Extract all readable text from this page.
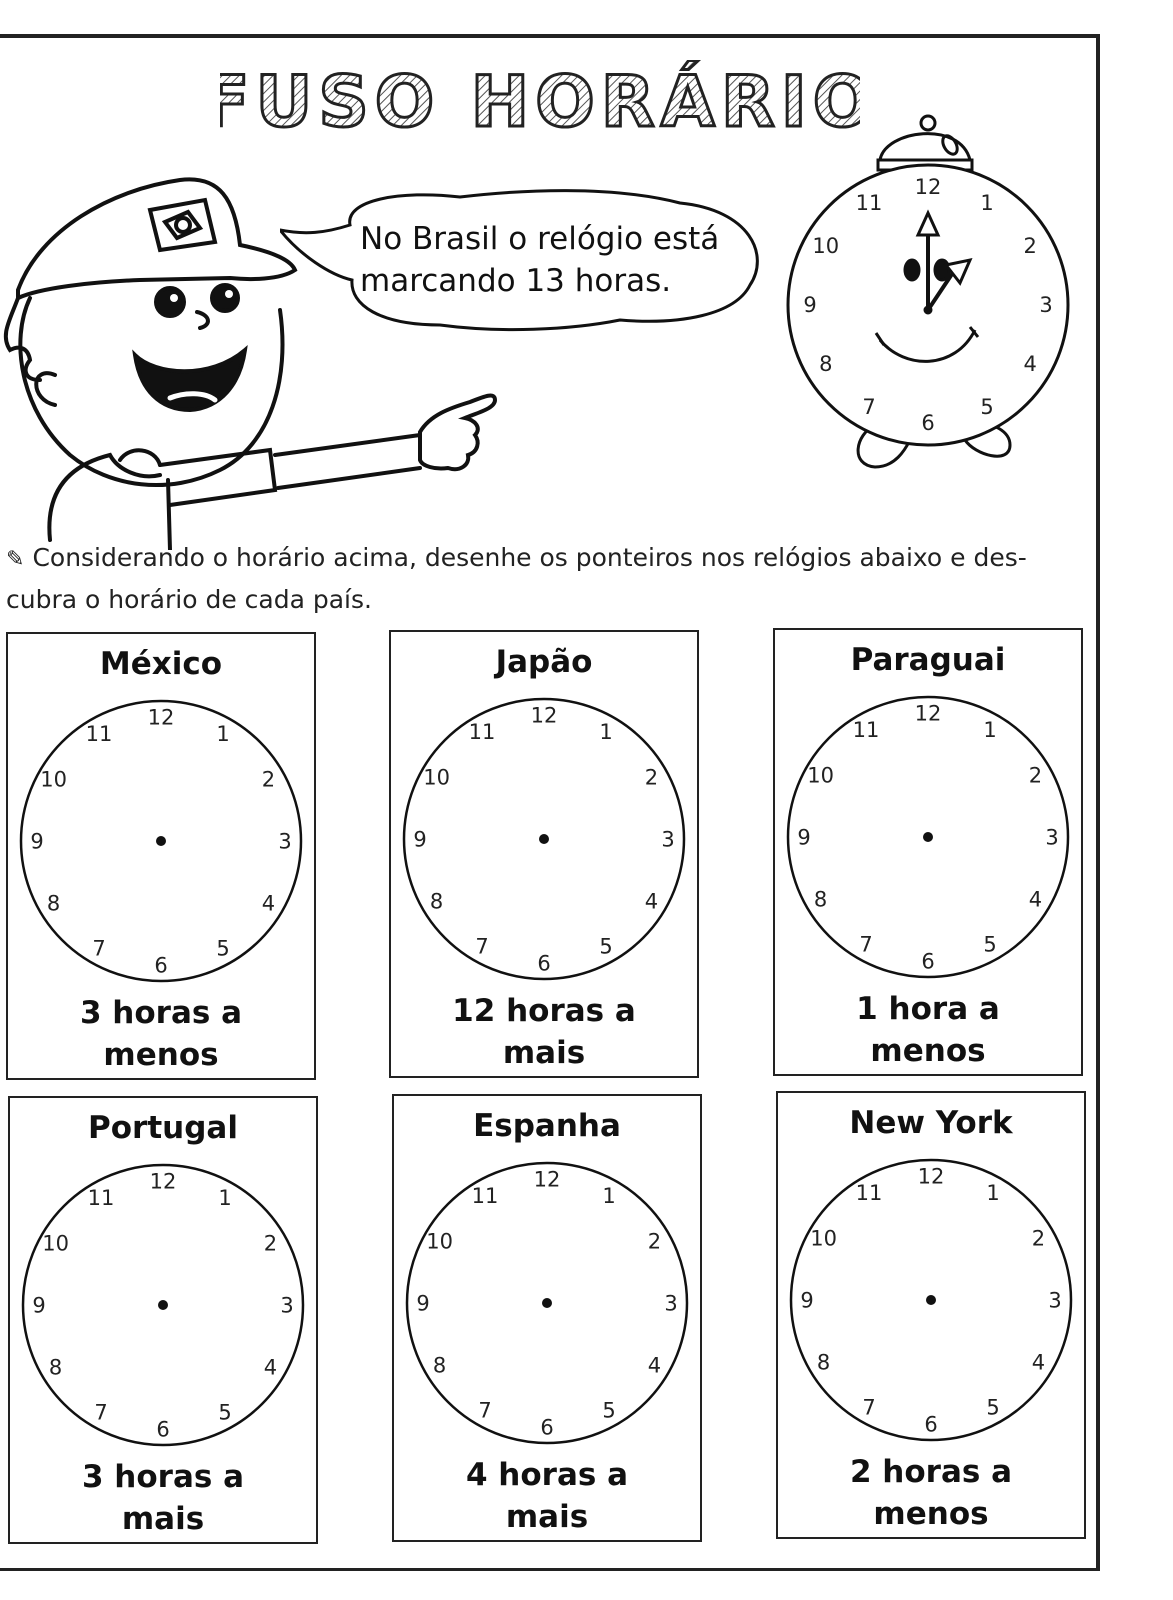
FUSO HORÁRIO
No Brasil o relógio está
marcando 13 horas.
12
1
2
3
4
5
6
7
8
9
10
11
✎ Considerando o horário acima, desenhe os ponteiros nos relógios abaixo e des-
cubra o horário de cada país.
México
12
1
2
3
4
5
6
7
8
9
10
11
3 horas a
menos
Japão
12
1
2
3
4
5
6
7
8
9
10
11
12 horas a
mais
Paraguai
12
1
2
3
4
5
6
7
8
9
10
11
1 hora a
menos
Portugal
12
1
2
3
4
5
6
7
8
9
10
11
3 horas a
mais
Espanha
12
1
2
3
4
5
6
7
8
9
10
11
4 horas a
mais
New York
12
1
2
3
4
5
6
7
8
9
10
11
2 horas a
menos
